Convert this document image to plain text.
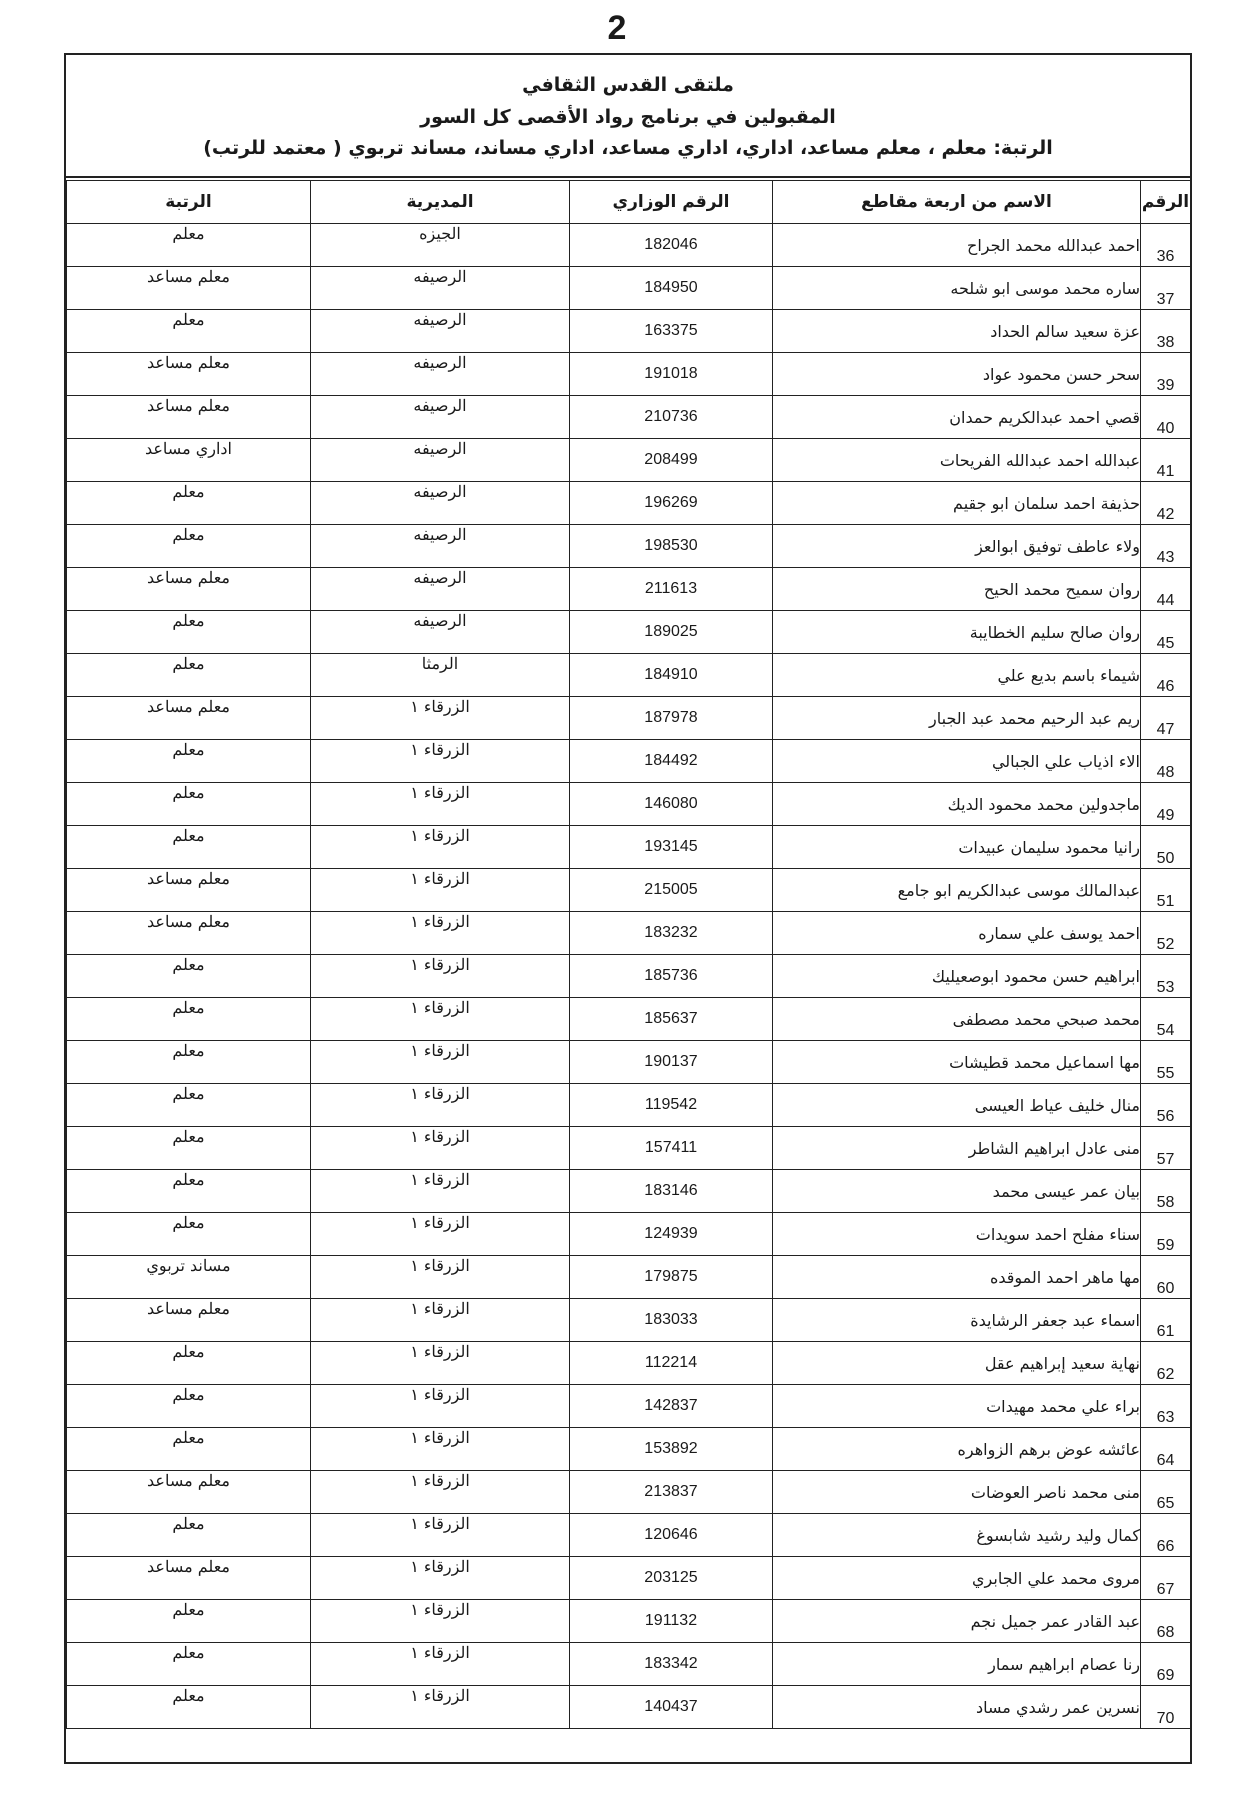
2
ملتقى القدس الثقافي
المقبولين في برنامج رواد الأقصى كل السور
الرتبة: معلم ، معلم مساعد، اداري، اداري مساعد، اداري مساند، مساند تربوي ( معتمد للرتب)
الرقم	الاسم من اربعة مقاطع	الرقم الوزاري	المديرية	الرتبة
36	احمد عبدالله محمد الجراح	182046	الجيزه	معلم
37	ساره محمد موسى ابو شلحه	184950	الرصيفه	معلم مساعد
38	عزة سعيد سالم الحداد	163375	الرصيفه	معلم
39	سحر حسن محمود عواد	191018	الرصيفه	معلم مساعد
40	قصي احمد عبدالكريم حمدان	210736	الرصيفه	معلم مساعد
41	عبدالله احمد عبدالله الفريحات	208499	الرصيفه	اداري مساعد
42	حذيفة احمد سلمان ابو جقيم	196269	الرصيفه	معلم
43	ولاء عاطف توفيق ابوالعز	198530	الرصيفه	معلم
44	روان سميح محمد الحيح	211613	الرصيفه	معلم مساعد
45	روان صالح سليم الخطايبة	189025	الرصيفه	معلم
46	شيماء باسم بديع علي	184910	الرمثا	معلم
47	ريم عبد الرحيم محمد عبد الجبار	187978	الزرقاء ١	معلم مساعد
48	الاء اذياب علي الجبالي	184492	الزرقاء ١	معلم
49	ماجدولين محمد محمود الديك	146080	الزرقاء ١	معلم
50	رانيا محمود سليمان عبيدات	193145	الزرقاء ١	معلم
51	عبدالمالك موسى عبدالكريم ابو جامع	215005	الزرقاء ١	معلم مساعد
52	احمد يوسف علي سماره	183232	الزرقاء ١	معلم مساعد
53	ابراهيم حسن محمود ابوصعيليك	185736	الزرقاء ١	معلم
54	محمد صبحي محمد مصطفى	185637	الزرقاء ١	معلم
55	مها اسماعيل محمد قطيشات	190137	الزرقاء ١	معلم
56	منال خليف عياط العيسى	119542	الزرقاء ١	معلم
57	منى عادل ابراهيم الشاطر	157411	الزرقاء ١	معلم
58	بيان عمر عيسى محمد	183146	الزرقاء ١	معلم
59	سناء مفلح احمد سويدات	124939	الزرقاء ١	معلم
60	مها ماهر احمد الموقده	179875	الزرقاء ١	مساند تربوي
61	اسماء عبد جعفر الرشايدة	183033	الزرقاء ١	معلم مساعد
62	نهاية سعيد إبراهيم عقل	112214	الزرقاء ١	معلم
63	براء علي محمد مهيدات	142837	الزرقاء ١	معلم
64	عائشه عوض برهم الزواهره	153892	الزرقاء ١	معلم
65	منى محمد ناصر العوضات	213837	الزرقاء ١	معلم مساعد
66	كمال وليد رشيد شابسوغ	120646	الزرقاء ١	معلم
67	مروى محمد علي الجابري	203125	الزرقاء ١	معلم مساعد
68	عبد القادر عمر جميل نجم	191132	الزرقاء ١	معلم
69	رنا عصام ابراهيم سمار	183342	الزرقاء ١	معلم
70	نسرين عمر رشدي مساد	140437	الزرقاء ١	معلم
